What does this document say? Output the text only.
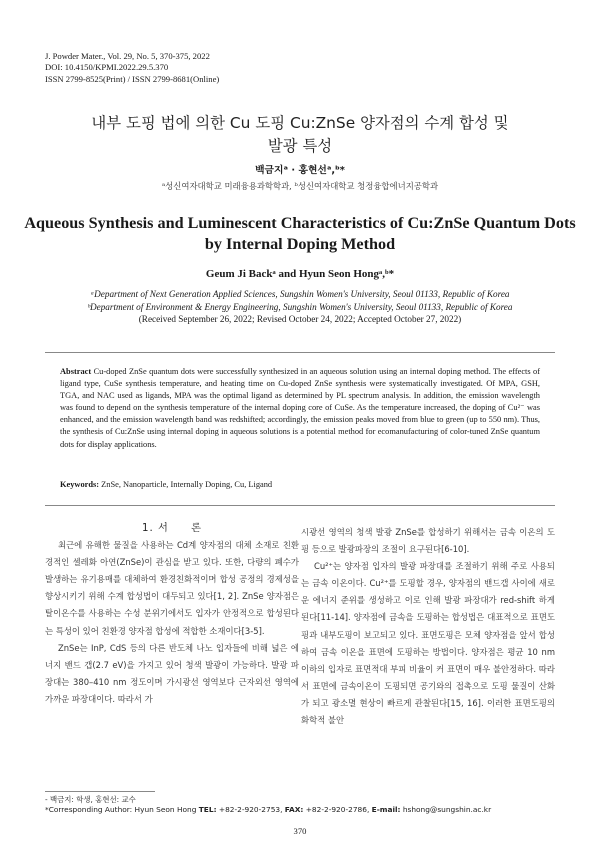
J. Powder Mater., Vol. 29, No. 5, 370-375, 2022
DOI: 10.4150/KPMI.2022.29.5.370
ISSN 2799-8525(Print) / ISSN 2799-8681(Online)
내부 도핑 법에 의한 Cu 도핑 Cu:ZnSe 양자점의 수계 합성 및
발광 특성
백금지ᵃ · 홍현선ᵃ,ᵇ*
ᵃ성신여자대학교 미래융용과학학과, ᵇ성신여자대학교 청정융합에너지공학과
Aqueous Synthesis and Luminescent Characteristics of Cu:ZnSe Quantum Dots
by Internal Doping Method
Geum Ji Backᵃ and Hyun Seon Hongᵃ,ᵇ*
ᵃDepartment of Next Generation Applied Sciences, Sungshin Women's University, Seoul 01133, Republic of Korea
ᵇDepartment of Environment & Energy Engineering, Sungshin Women's University, Seoul 01133, Republic of Korea
(Received September 26, 2022; Revised October 24, 2022; Accepted October 27, 2022)
Abstract Cu-doped ZnSe quantum dots were successfully synthesized in an aqueous solution using an internal doping method. The effects of ligand type, CuSe synthesis temperature, and heating time on Cu-doped ZnSe synthesis were systematically investigated. Of MPA, GSH, TGA, and NAC used as ligands, MPA was the optimal ligand as determined by PL spectrum analysis. In addition, the emission wavelength was found to depend on the synthesis temperature of the internal doping core of CuSe. As the temperature increased, the doping of Cu²⁻ was enhanced, and the emission wavelength band was redshifted; accordingly, the emission peaks moved from blue to green (up to 550 nm). Thus, the synthesis of Cu:ZnSe using internal doping in aqueous solutions is a potential method for ecomanufacturing of color-tuned ZnSe quantum dots for display applications.
Keywords: ZnSe, Nanoparticle, Internally Doping, Cu, Ligand

1. 서　　론

최근에 유해한 물질을 사용하는 Cd계 양자점의 대체 소재로 친환경적인 셀레화 아연(ZnSe)이 관심을 받고 있다. 또한, 다량의 폐수가 발생하는 유기용매를 대체하여 환경친화적이며 합성 공정의 경제성을 향상시키기 위해 수계 합성법이 대두되고 있다[1, 2]. ZnSe 양자점은 탈이온수를 사용하는 수성 분위기에서도 입자가 안정적으로 합성된다는 특성이 있어 친환경 양자점 합성에 적합한 소재이다[3-5].

ZnSe는 InP, CdS 등의 다른 반도체 나노 입자들에 비해 넓은 에너지 밴드 갭(2.7 eV)을 가지고 있어 청색 발광이 가능하다. 발광 파장대는 380–410 nm 정도이며 가시광선 영역보다 근자외선 영역에 가까운 파장대이다. 따라서 가

시광선 영역의 청색 발광 ZnSe를 합성하기 위해서는 금속 이온의 도핑 등으로 발광파장의 조절이 요구된다[6-10].

Cu²⁺는 양자점 입자의 발광 파장대를 조절하기 위해 주로 사용되는 금속 이온이다. Cu²⁺를 도핑할 경우, 양자점의 밴드갭 사이에 새로운 에너지 준위를 생성하고 이로 인해 발광 파장대가 red-shift 하게 된다[11-14]. 양자점에 금속을 도핑하는 합성법은 대표적으로 표면도핑과 내부도핑이 보고되고 있다. 표면도핑은 모체 양자점을 앞서 합성하여 금속 이온을 표면에 도핑하는 방법이다. 양자점은 평균 10 nm 이하의 입자로 표면적대 부피 비율이 커 표면이 매우 불안정하다. 따라서 표면에 금속이온이 도핑되면 공기와의 접촉으로 도핑 물질이 산화가 되고 광소멸 현상이 빠르게 관찰된다[15, 16]. 이러한 표면도핑의 화학적 불안

- 백금지: 학생, 홍현선: 교수
*Corresponding Author: Hyun Seon Hong TEL: +82-2-920-2753, FAX: +82-2-920-2786, E-mail: hshong@sungshin.ac.kr
370
